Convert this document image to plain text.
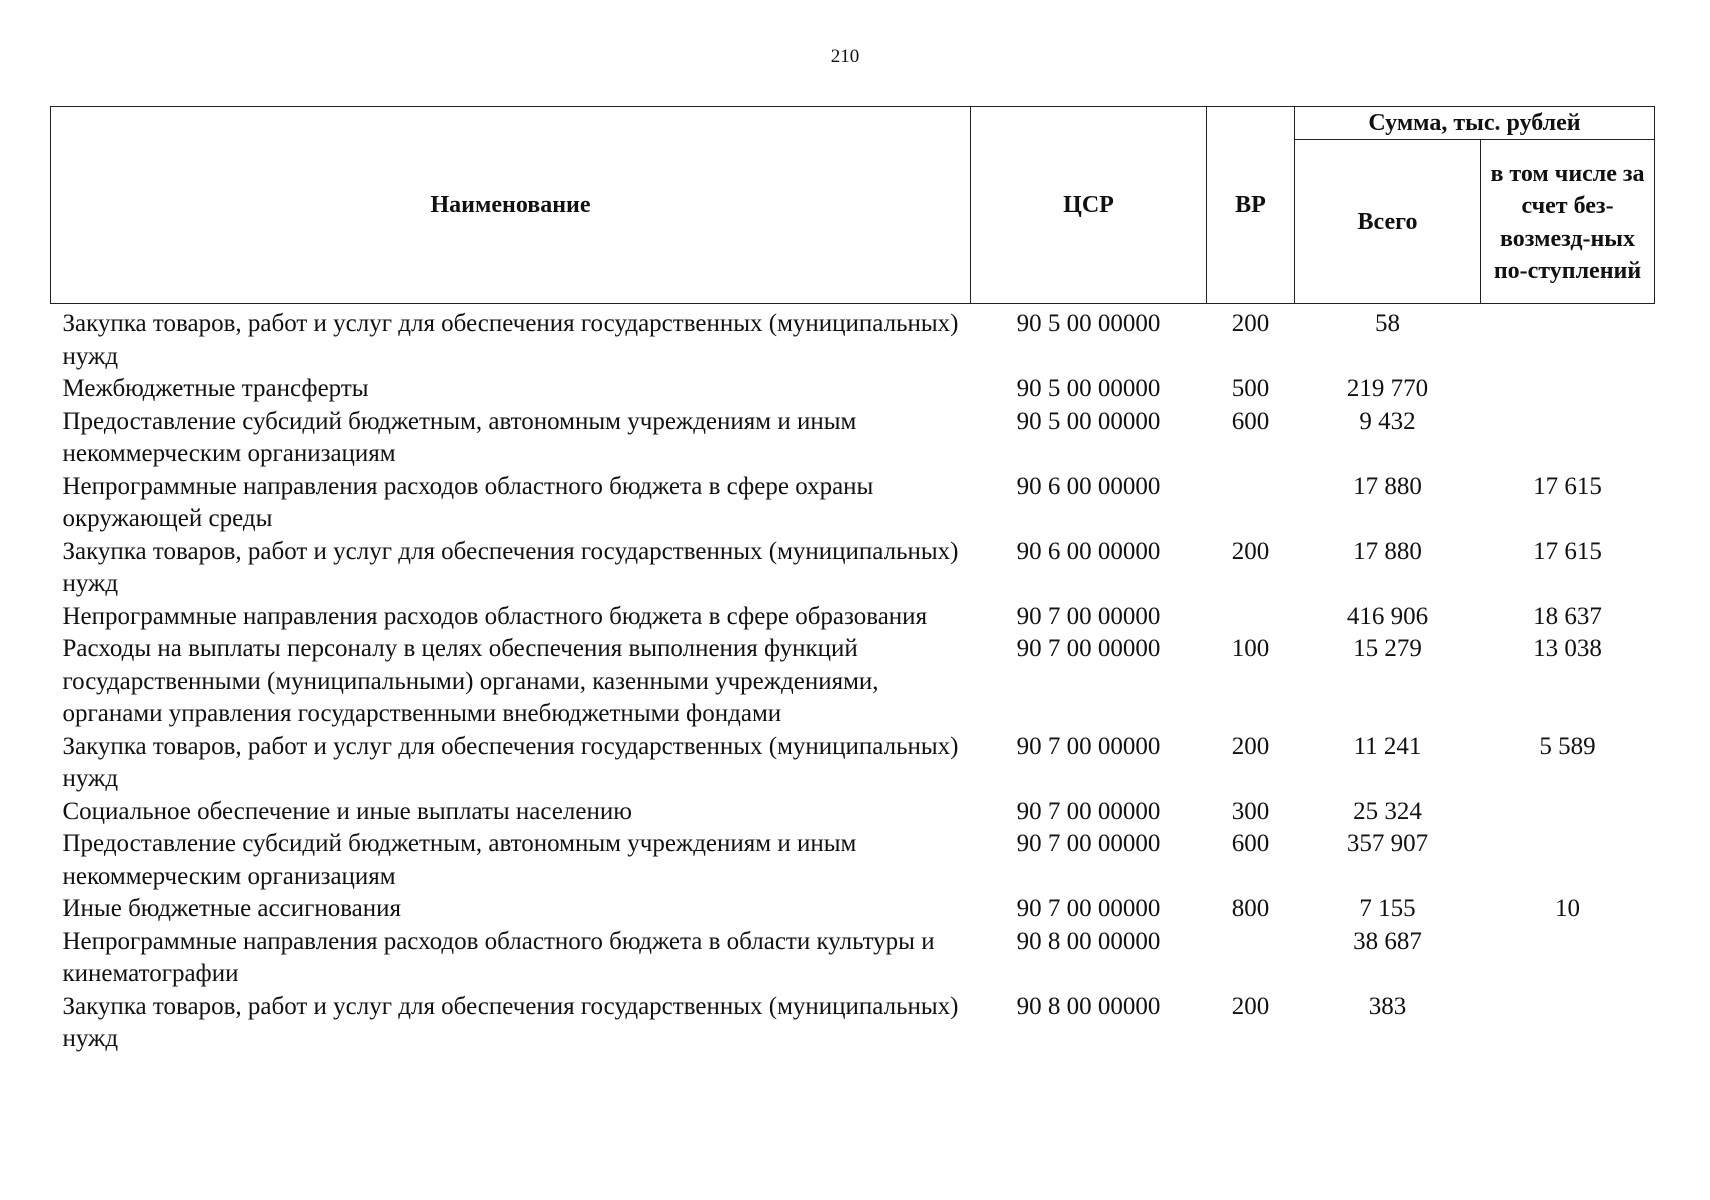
210
Наименование	ЦСР	ВР	Сумма, тыс. рублей	
			Всего	в том числе за счет без-возмезд-ных по-ступлений
Закупка товаров, работ и услуг для обеспечения государственных (муниципальных) нужд	90 5 00 00000	200	58	
Межбюджетные трансферты	90 5 00 00000	500	219 770	
Предоставление субсидий бюджетным, автономным учреждениям и иным некоммерческим организациям	90 5 00 00000	600	9 432	
Непрограммные направления расходов областного бюджета в сфере охраны окружающей среды	90 6 00 00000		17 880	17 615
Закупка товаров, работ и услуг для обеспечения государственных (муниципальных) нужд	90 6 00 00000	200	17 880	17 615
Непрограммные направления расходов областного бюджета в сфере образования	90 7 00 00000		416 906	18 637
Расходы на выплаты персоналу в целях обеспечения выполнения функций государственными (муниципальными) органами, казенными учреждениями, органами управления государственными внебюджетными фондами	90 7 00 00000	100	15 279	13 038
Закупка товаров, работ и услуг для обеспечения государственных (муниципальных) нужд	90 7 00 00000	200	11 241	5 589
Социальное обеспечение и иные выплаты населению	90 7 00 00000	300	25 324	
Предоставление субсидий бюджетным, автономным учреждениям и иным некоммерческим организациям	90 7 00 00000	600	357 907	
Иные бюджетные ассигнования	90 7 00 00000	800	7 155	10
Непрограммные направления расходов областного бюджета в области культуры и кинематографии	90 8 00 00000		38 687	
Закупка товаров, работ и услуг для обеспечения государственных (муниципальных) нужд	90 8 00 00000	200	383	
